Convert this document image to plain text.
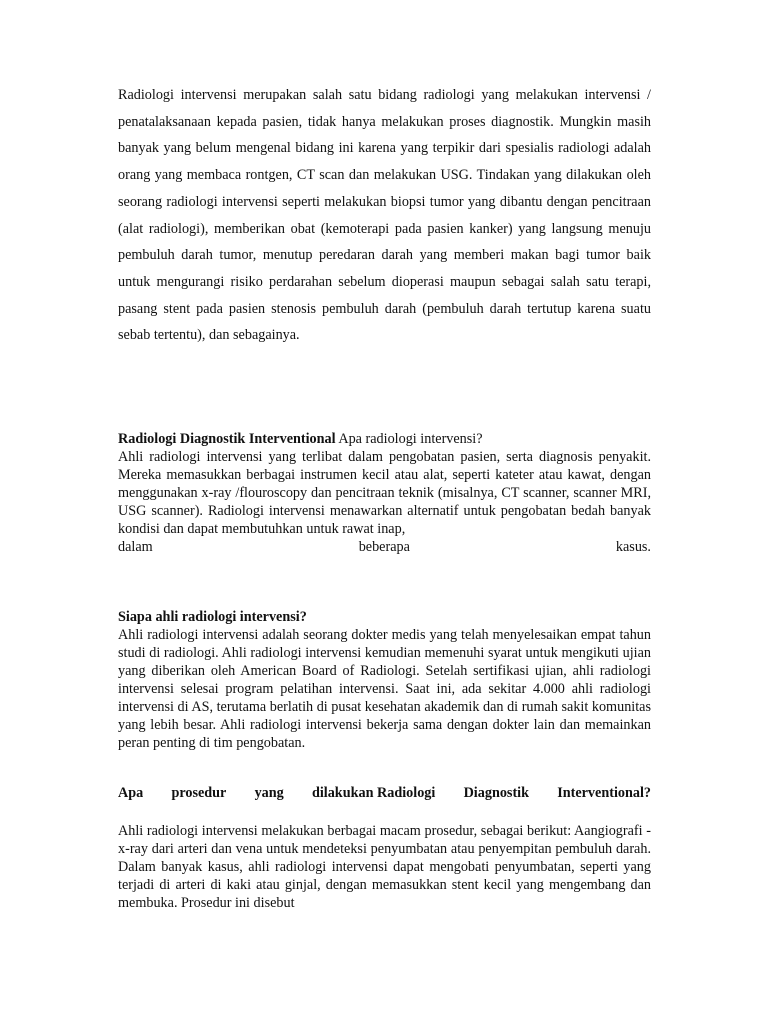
Radiologi intervensi merupakan salah satu bidang radiologi yang melakukan intervensi / penatalaksanaan kepada pasien, tidak hanya melakukan proses diagnostik. Mungkin masih banyak yang belum mengenal bidang ini karena yang terpikir dari spesialis radiologi adalah orang yang membaca rontgen, CT scan dan melakukan USG. Tindakan yang dilakukan oleh seorang radiologi intervensi seperti melakukan biopsi tumor yang dibantu dengan pencitraan (alat radiologi), memberikan obat (kemoterapi pada pasien kanker) yang langsung menuju pembuluh darah tumor, menutup peredaran darah yang memberi makan bagi tumor baik untuk mengurangi risiko perdarahan sebelum dioperasi maupun sebagai salah satu terapi, pasang stent pada pasien stenosis pembuluh darah (pembuluh darah tertutup karena suatu sebab tertentu), dan sebagainya.

Radiologi Diagnostik Interventional Apa radiologi intervensi?
Ahli radiologi intervensi yang terlibat dalam pengobatan pasien, serta diagnosis penyakit. Mereka memasukkan berbagai instrumen kecil atau alat, seperti kateter atau kawat, dengan menggunakan x-ray /flouroscopy dan pencitraan teknik (misalnya, CT scanner, scanner MRI, USG scanner). Radiologi intervensi menawarkan alternatif untuk pengobatan bedah banyak kondisi dan dapat membutuhkan untuk rawat inap,

dalam	beberapa	kasus.

Siapa ahli radiologi intervensi?
Ahli radiologi intervensi adalah seorang dokter medis yang telah menyelesaikan empat tahun studi di radiologi. Ahli radiologi intervensi kemudian memenuhi syarat untuk mengikuti ujian yang diberikan oleh American Board of Radiologi. Setelah sertifikasi ujian, ahli radiologi intervensi selesai program pelatihan intervensi. Saat ini, ada sekitar 4.000 ahli radiologi intervensi di AS, terutama berlatih di pusat kesehatan akademik dan di rumah sakit komunitas yang lebih besar. Ahli radiologi intervensi bekerja sama dengan dokter lain dan memainkan peran penting di tim pengobatan.

Apa prosedur yang dilakukan Radiologi Diagnostik Interventional?

Ahli radiologi intervensi melakukan berbagai macam prosedur, sebagai berikut: Aangiografi - x-ray dari arteri dan vena untuk mendeteksi penyumbatan atau penyempitan pembuluh darah. Dalam banyak kasus, ahli radiologi intervensi dapat mengobati penyumbatan, seperti yang terjadi di arteri di kaki atau ginjal, dengan memasukkan stent kecil yang mengembang dan membuka. Prosedur ini disebut
